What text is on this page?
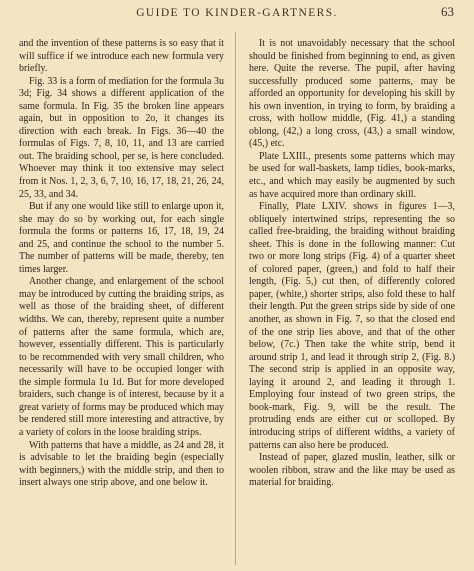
GUIDE TO KINDER-GARTNERS.	63

and the invention of these patterns is so easy that it will suffice if we introduce each new formula very briefly.

Fig. 33 is a form of mediation for the formula 3u 3d; Fig. 34 shows a different application of the same formula. In Fig. 35 the broken line appears again, but in opposition to 2o, it changes its direction with each break. In Figs. 36—40 the formulas of Figs. 7, 8, 10, 11, and 13 are carried out. The braiding school, per se, is here concluded. Whoever may think it too extensive may select from it Nos. 1, 2, 3, 6, 7, 10, 16, 17, 18, 21, 26, 24, 25, 33, and 34.

But if any one would like still to enlarge upon it, she may do so by working out, for each single formula the forms or patterns 16, 17, 18, 19, 24 and 25, and continue the school to the number 5. The number of patterns will be made, thereby, ten times larger.

Another change, and enlargement of the school may be introduced by cutting the braiding strips, as well as those of the braiding sheet, of different widths. We can, thereby, represent quite a number of patterns after the same formula, which are, however, essentially different. This is particularly to be recommended with very small children, who necessarily will have to be occupied longer with the simple formula 1u 1d. But for more developed braiders, such change is of interest, because by it a great variety of forms may be produced which may be rendered still more interesting and attractive, by a variety of colors in the loose braiding strips.

With patterns that have a middle, as 24 and 28, it is advisable to let the braiding begin (especially with beginners,) with the middle strip, and then to insert always one strip above, and one below it.

It is not unavoidably necessary that the school should be finished from beginning to end, as given here. Quite the reverse. The pupil, after having successfully produced some patterns, may be afforded an opportunity for developing his skill by his own invention, in trying to form, by braiding a cross, with hollow middle, (Fig. 41,) a standing oblong, (42,) a long cross, (43,) a small window, (45,) etc.

Plate LXIII., presents some patterns which may be used for wall-baskets, lamp tidies, book-marks, etc., and which may easily be augmented by such as have acquired more than ordinary skill.

Finally, Plate LXIV. shows in figures 1—3, obliquely intertwined strips, representing the so called free-braiding, the braiding without braiding sheet. This is done in the following manner: Cut two or more long strips (Fig. 4) of a quarter sheet of colored paper, (green,) and fold to half their length, (Fig. 5,) cut then, of differently colored paper, (white,) shorter strips, also fold these to half their length. Put the green strips side by side of one another, as shown in Fig. 7, so that the closed end of the one strip lies above, and that of the other below, (7c.) Then take the white strip, bend it around strip 1, and lead it through strip 2, (Fig. 8.) The second strip is applied in an opposite way, laying it around 2, and leading it through 1. Employing four instead of two green strips, the book-mark, Fig. 9, will be the result. The protruding ends are either cut or scolloped. By introducing strips of different widths, a variety of patterns can also here be produced.

Instead of paper, glazed muslin, leather, silk or woolen ribbon, straw and the like may be used as material for braiding.
